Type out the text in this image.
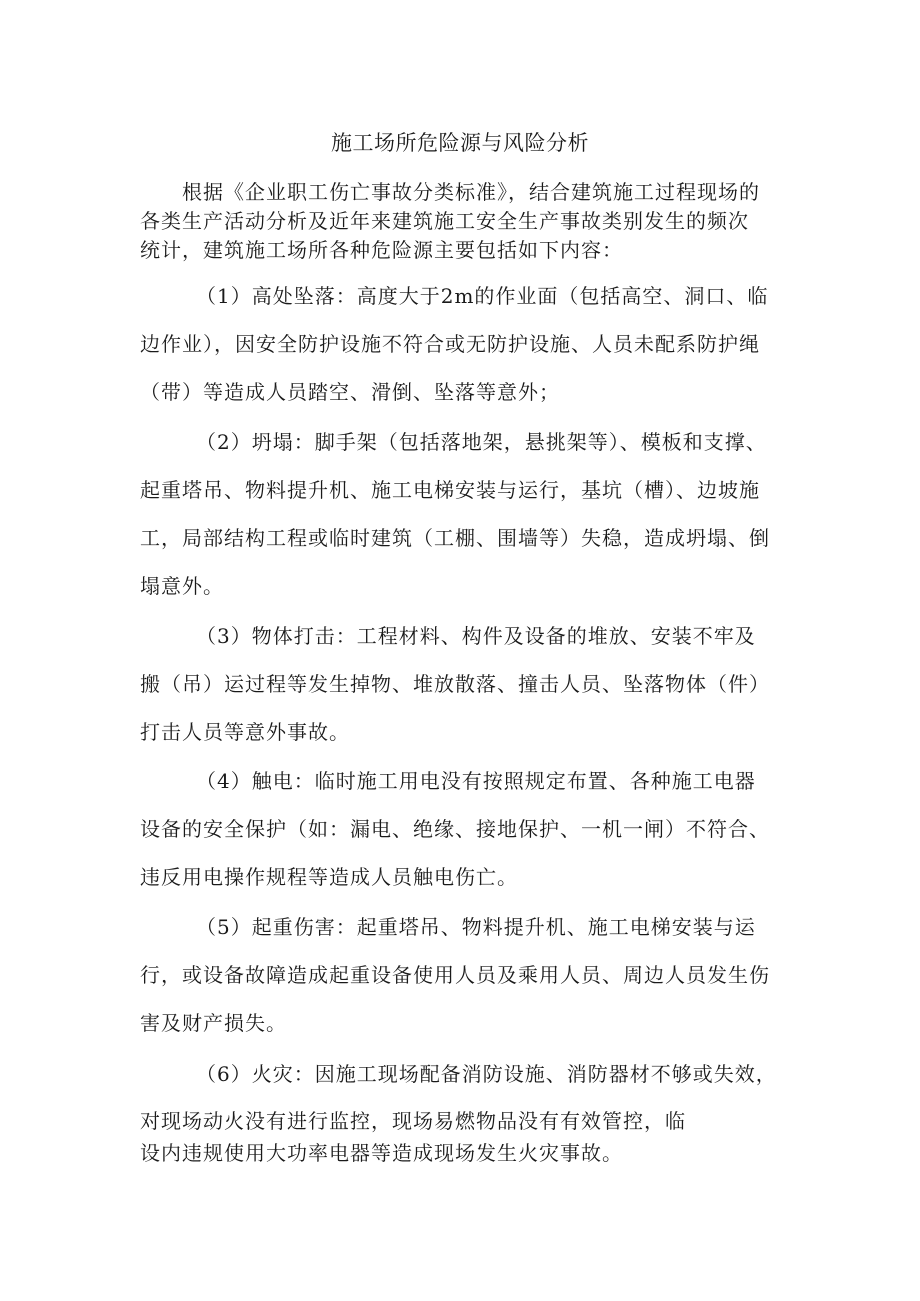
施工场所危险源与风险分析
根据《企业职工伤亡事故分类标准》，结合建筑施工过程现场的
各类生产活动分析及近年来建筑施工安全生产事故类别发生的频次
统计，建筑施工场所各种危险源主要包括如下内容：
（1）高处坠落：高度大于2m的作业面（包括高空、洞口、临
边作业），因安全防护设施不符合或无防护设施、人员未配系防护绳
（带）等造成人员踏空、滑倒、坠落等意外；
（2）坍塌：脚手架（包括落地架，悬挑架等）、模板和支撑、
起重塔吊、物料提升机、施工电梯安装与运行，基坑（槽）、边坡施
工，局部结构工程或临时建筑（工棚、围墙等）失稳，造成坍塌、倒
塌意外。
（3）物体打击：工程材料、构件及设备的堆放、安装不牢及
搬（吊）运过程等发生掉物、堆放散落、撞击人员、坠落物体（件）
打击人员等意外事故。
（4）触电：临时施工用电没有按照规定布置、各种施工电器
设备的安全保护（如：漏电、绝缘、接地保护、一机一闸）不符合、
违反用电操作规程等造成人员触电伤亡。
（5）起重伤害：起重塔吊、物料提升机、施工电梯安装与运
行，或设备故障造成起重设备使用人员及乘用人员、周边人员发生伤
害及财产损失。
（6）火灾：因施工现场配备消防设施、消防器材不够或失效，
对现场动火没有进行监控，现场易燃物品没有有效管控，临
设内违规使用大功率电器等造成现场发生火灾事故。
